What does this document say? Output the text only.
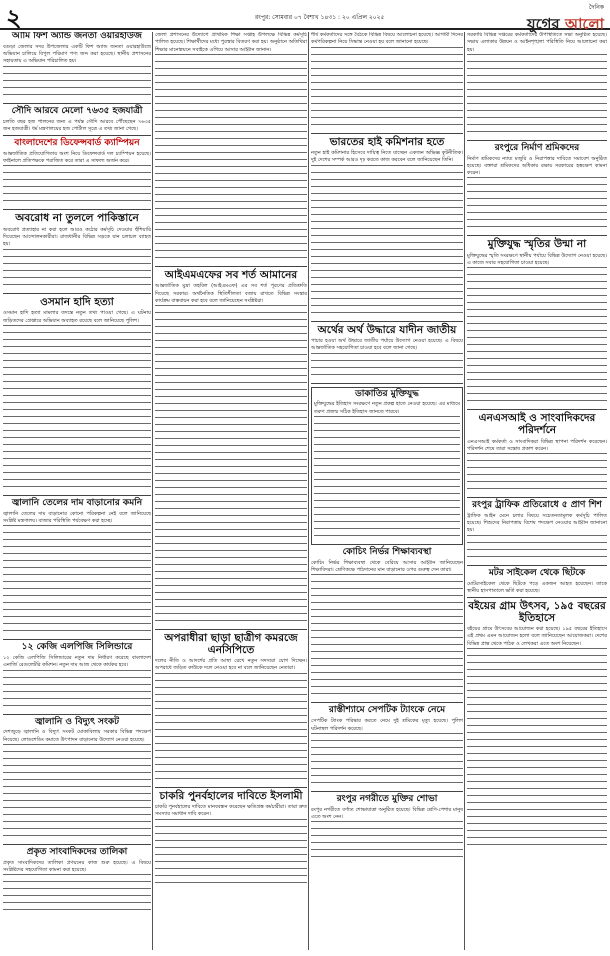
২	রংপুর: সোমবার ০৭ বৈশাখ ১৪৩১ : ২০ এপ্রিল ২০২৫
দৈনিক
যুগের আলো
আর্মি ফিশ অ্যান্ড জনতা ওয়ারহাউজ

বগুড়া জেলার সদর উপজেলার একটি ফিশ অ্যান্ড জনতা ওয়ারহাউজে অভিযান চালিয়ে বিপুল পরিমাণ পণ্য জব্দ করা হয়েছে। স্থানীয় প্রশাসনের সহায়তায় এ অভিযান পরিচালিত হয়।

সৌদি আরবে মেলো ৭৬৩৫ হজযাত্রী

চলতি বছর হজ পালনের জন্য এ পর্যন্ত সৌদি আরবে পৌঁছেছেন ৭৬৩৫ জন হজযাত্রী। ধর্ম মন্ত্রণালয়ের হজ পোর্টাল সূত্রে এ তথ্য জানা গেছে।

বাংলাদেশের ডিফেন্সবার্ড ক্যাম্পিয়ন

আন্তর্জাতিক প্রতিযোগিতায় অংশ নিয়ে ডিফেন্সবার্ড দল চ্যাম্পিয়ন হয়েছে। ফাইনালে প্রতিপক্ষকে পরাজিত করে তারা এ সাফল্য অর্জন করে।

অবরোধ না তুললে পাকিস্তানে

অবরোধ প্রত্যাহার না করা হলে আরও কঠোর কর্মসূচি দেওয়ার হুঁশিয়ারি দিয়েছেন আন্দোলনকারীরা। রাজধানীর বিভিন্ন সড়কে যান চলাচল ব্যাহত হয়।

ওসমান হাদি হত্যা

ওসমান হাদি হত্যা মামলার তদন্তে নতুন তথ্য পাওয়া গেছে। এ ঘটনায় জড়িতদের গ্রেপ্তারে অভিযান অব্যাহত রয়েছে বলে জানিয়েছে পুলিশ।

জ্বালানি তেলের দাম বাড়ানোর কমনি

জ্বালানি তেলের দাম বাড়ানোর কোনো পরিকল্পনা নেই বলে জানিয়েছে সংশ্লিষ্ট মন্ত্রণালয়। বাজার পরিস্থিতি পর্যবেক্ষণ করা হচ্ছে।

১২ কেজি এলপিজি সিলিন্ডারে

১২ কেজি এলপিজি সিলিন্ডারের নতুন দাম নির্ধারণ করেছে বাংলাদেশ এনার্জি রেগুলেটরি কমিশন। নতুন দাম আজ থেকে কার্যকর হবে।

জ্বালানি ও বিদ্যুৎ সংকট

দেশজুড়ে জ্বালানি ও বিদ্যুৎ সংকট মোকাবিলায় সরকার বিভিন্ন পদক্ষেপ নিয়েছে। লোডশেডিং কমাতে উৎপাদন বাড়ানোর উদ্যোগ নেওয়া হয়েছে।

প্রকৃত সাংবাদিকদের তালিকা

প্রকৃত সাংবাদিকদের তালিকা প্রণয়নের কাজ শুরু হয়েছে। এ বিষয়ে সংশ্লিষ্টদের সহযোগিতা কামনা করা হয়েছে।

জেলা প্রশাসনের উদ্যোগে প্রাথমিক শিক্ষা সপ্তাহ উপলক্ষে বিভিন্ন কর্মসূচি পালিত হয়েছে। শিক্ষার্থীদের মধ্যে পুরস্কার বিতরণ করা হয়। অনুষ্ঠানে অতিথিরা শিক্ষার মানোন্নয়নে সবাইকে এগিয়ে আসার আহ্বান জানান।

আইএমএফের সব শর্ত আমানের

আন্তর্জাতিক মুদ্রা তহবিল (আইএমএফ) এর সব শর্ত পূরণের প্রতিশ্রুতি দিয়েছে সরকার। অর্থনৈতিক স্থিতিশীলতা বজায় রাখতে বিভিন্ন সংস্কার কার্যক্রম বাস্তবায়ন করা হবে বলে জানিয়েছেন সংশ্লিষ্টরা।

অপরাধীরা ছাড়া ছাত্রীগ কমরজে এনসিপিতে

দলের নীতি ও আদর্শের প্রতি আস্থা রেখে নতুন সদস্যরা যোগ দিচ্ছেন। অপরাধে জড়িত কাউকে দলে নেওয়া হবে না বলে জানিয়েছেন নেতারা।

চাকরি পুনর্বহালের দাবিতে ইসলামী

চাকরি পুনর্বহালের দাবিতে মানববন্ধন করেছেন ক্ষতিগ্রস্ত কর্মচারীরা। তারা দ্রুত সমস্যার সমাধান দাবি করেন।

শীর্ষ কর্মকর্তাদের সঙ্গে বৈঠকে বিভিন্ন বিষয়ে আলোচনা হয়েছে। আগামী দিনের কর্মপরিকল্পনা নিয়ে সিদ্ধান্ত নেওয়া হয় বলে জানানো হয়েছে।

ভারতের হাই কমিশনার হতে

নতুন হাই কমিশনার হিসেবে দায়িত্ব নিতে যাচ্ছেন একজন অভিজ্ঞ কূটনীতিক। দুই দেশের সম্পর্ক আরও দৃঢ় করতে কাজ করবেন বলে জানিয়েছেন তিনি।

অর্থের অর্থ উদ্ধারে যাদীন জাতীয়

পাচার হওয়া অর্থ উদ্ধারে জাতীয় পর্যায়ে উদ্যোগ নেওয়া হয়েছে। এ বিষয়ে আন্তর্জাতিক সহযোগিতা চাওয়া হবে বলে জানা গেছে।

ডাকাতির মুক্তিযুদ্ধ

মুক্তিযুদ্ধের ইতিহাস সংরক্ষণে নতুন প্রকল্প হাতে নেওয়া হয়েছে। এর মাধ্যমে তরুণ প্রজন্ম সঠিক ইতিহাস জানতে পারবে।

কোচিং নির্ভর শিক্ষাব্যবস্থা

কোচিং নির্ভর শিক্ষাব্যবস্থা থেকে বেরিয়ে আসার আহ্বান জানিয়েছেন শিক্ষাবিদরা। শ্রেণিকক্ষে পাঠদানের মান বাড়ানোর ওপর গুরুত্ব দেন তারা।

রাস্তীশ্যামে সেপটিক ট্যাংকে নেমে

সেপটিক ট্যাংক পরিষ্কার করতে নেমে দুই শ্রমিকের মৃত্যু হয়েছে। পুলিশ ঘটনাস্থল পরিদর্শন করেছে।

রংপুর নগরীতে মুক্তির শোভা

রংপুর নগরীতে বর্ণাঢ্য শোভাযাত্রা অনুষ্ঠিত হয়েছে। বিভিন্ন শ্রেণি-পেশার মানুষ এতে অংশ নেন।

সরকারি বিভিন্ন দপ্তরের কর্মকর্তাদের উপস্থিতিতে সভা অনুষ্ঠিত হয়েছে। সভায় এলাকার উন্নয়ন ও আইনশৃঙ্খলা পরিস্থিতি নিয়ে আলোচনা করা হয়।

রংপুরে নির্মাণ শ্রমিকদের

নির্মাণ শ্রমিকদের ন্যায্য মজুরি ও নিরাপত্তার দাবিতে সমাবেশ অনুষ্ঠিত হয়েছে। বক্তারা শ্রমিকদের অধিকার রক্ষায় সরকারের হস্তক্ষেপ কামনা করেন।

মুক্তিযুদ্ধ স্মৃতির উন্মা না

মুক্তিযুদ্ধের স্মৃতি সংরক্ষণে স্থানীয় পর্যায়ে বিভিন্ন উদ্যোগ নেওয়া হয়েছে। এ কাজে সবার সহযোগিতা চাওয়া হয়েছে।

এনএসআই ও সাংবাদিকদের পরিদর্শনে

এনএসআই কর্মকর্তা ও সাংবাদিকরা বিভিন্ন স্থাপনা পরিদর্শন করেছেন। পরিদর্শন শেষে তারা সন্তোষ প্রকাশ করেন।

রংপুর ট্রাফিক প্রতিরোধে ৫ প্রাণ শিশ

ট্রাফিক আইন মেনে চলার বিষয়ে সচেতনতামূলক কর্মসূচি পালিত হয়েছে। শিশুদের নিরাপত্তায় বিশেষ পদক্ষেপ নেওয়ার আহ্বান জানানো হয়।

মটর সাইকেল থেকে ছিটকে

মোটরসাইকেল থেকে ছিটকে পড়ে একজন আহত হয়েছেন। তাকে স্থানীয় হাসপাতালে ভর্তি করা হয়েছে।

বইয়ের গ্রাম উৎসব, ১৯৫ বছরের ইতিহাসে

বইয়ের গ্রামে উৎসবের আয়োজন করা হয়েছে। ১৯৫ বছরের ইতিহাসে এই প্রথম এমন আয়োজন হলো বলে জানিয়েছেন আয়োজকরা। দেশের বিভিন্ন প্রান্ত থেকে পাঠক ও লেখকরা এতে অংশ নিয়েছেন।
